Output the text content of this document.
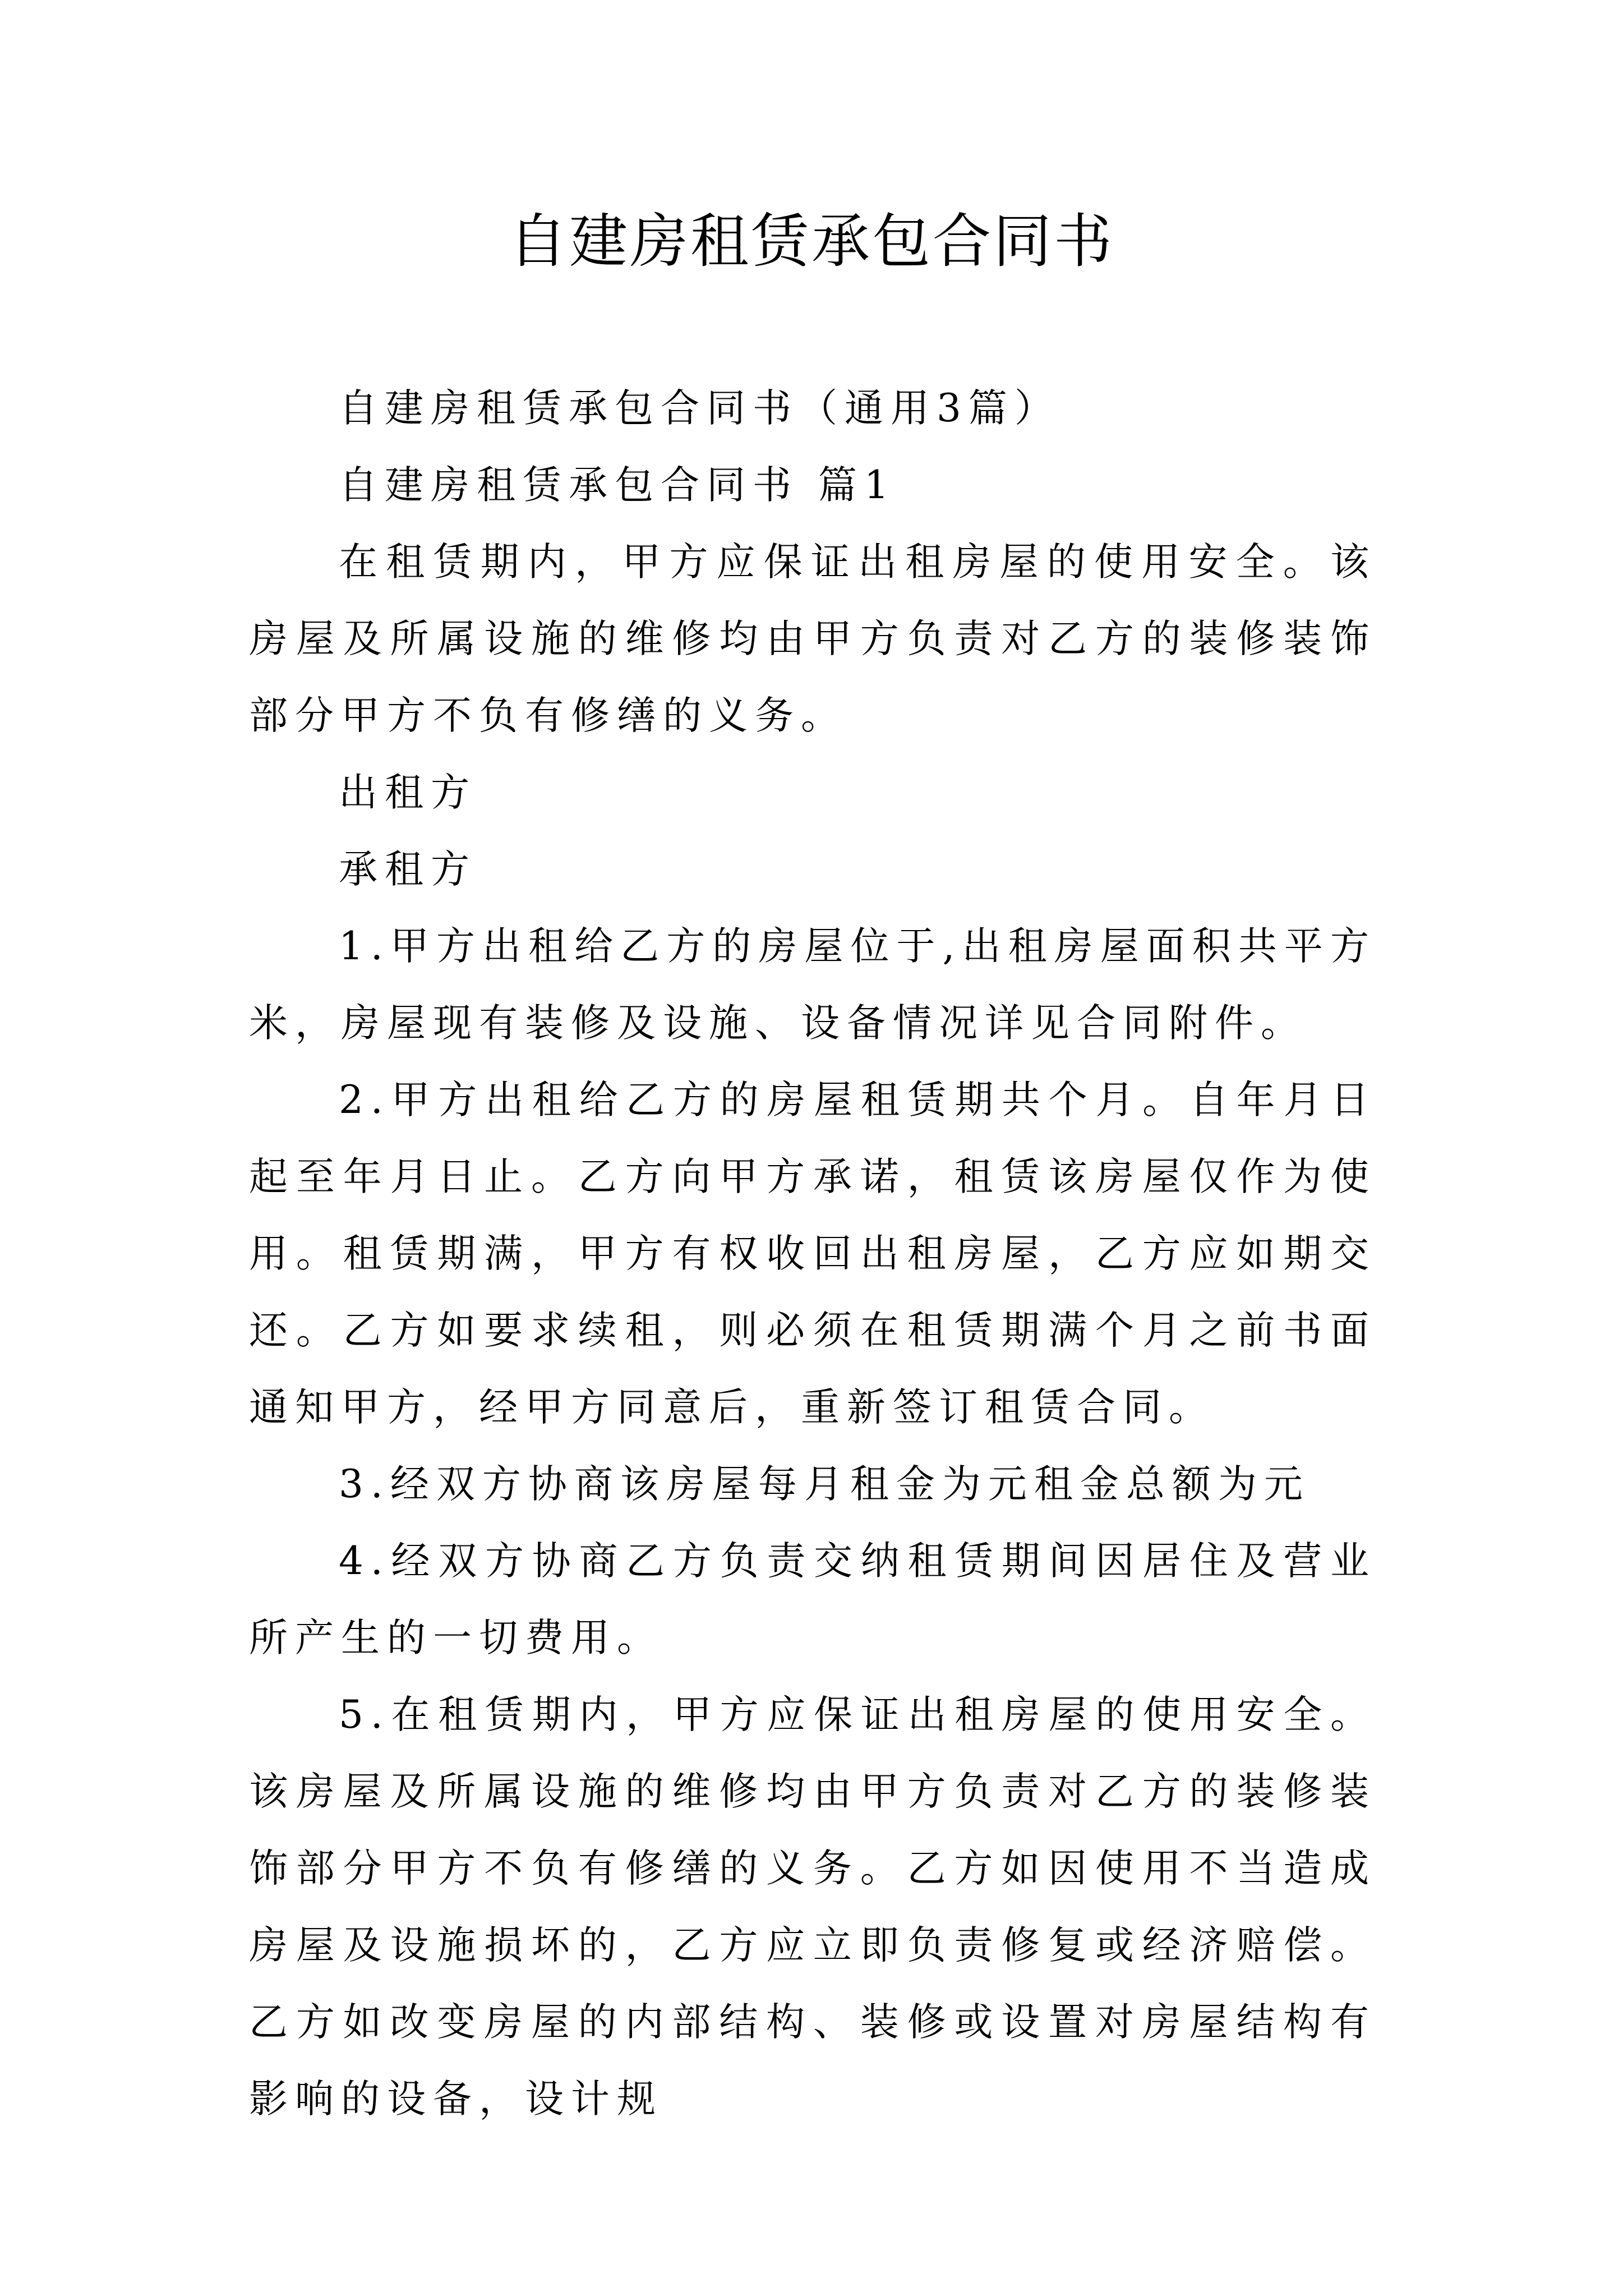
自建房租赁承包合同书

自建房租赁承包合同书（通用3篇）

自建房租赁承包合同书 篇1

在租赁期内，甲方应保证出租房屋的使用安全。该房屋及所属设施的维修均由甲方负责对乙方的装修装饰部分甲方不负有修缮的义务。

出租方

承租方

1.甲方出租给乙方的房屋位于,出租房屋面积共平方米，房屋现有装修及设施、设备情况详见合同附件。

2.甲方出租给乙方的房屋租赁期共个月。自年月日起至年月日止。乙方向甲方承诺，租赁该房屋仅作为使用。租赁期满，甲方有权收回出租房屋，乙方应如期交还。乙方如要求续租，则必须在租赁期满个月之前书面通知甲方，经甲方同意后，重新签订租赁合同。

3.经双方协商该房屋每月租金为元租金总额为元

4.经双方协商乙方负责交纳租赁期间因居住及营业所产生的一切费用。

5.在租赁期内，甲方应保证出租房屋的使用安全。该房屋及所属设施的维修均由甲方负责对乙方的装修装饰部分甲方不负有修缮的义务。乙方如因使用不当造成房屋及设施损坏的，乙方应立即负责修复或经济赔偿。乙方如改变房屋的内部结构、装修或设置对房屋结构有影响的设备，设计规
